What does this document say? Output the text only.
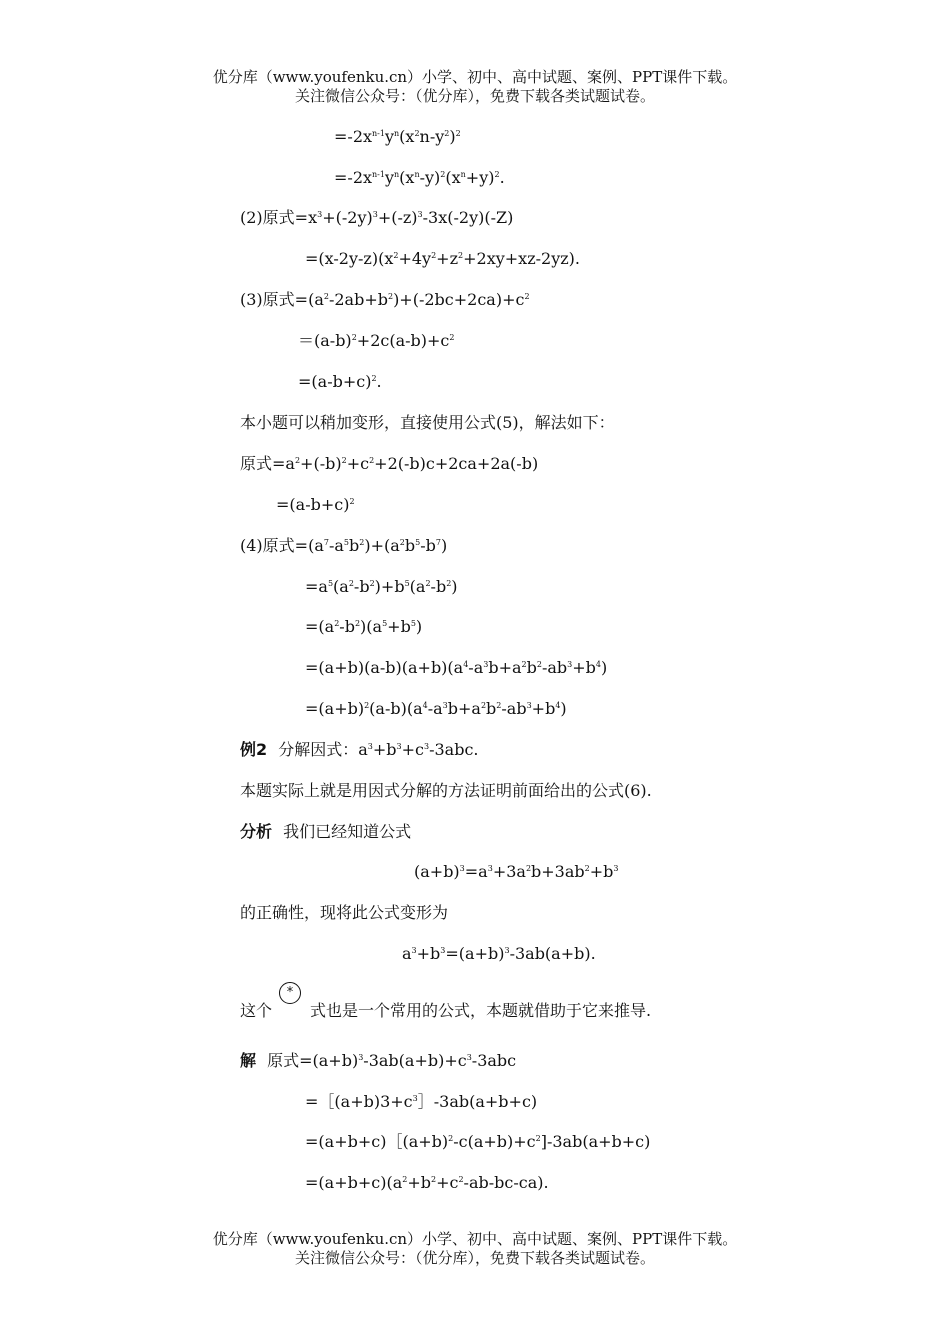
优分库（www.youfenku.cn）小学、初中、高中试题、案例、PPT课件下载。
关注微信公众号：（优分库），免费下载各类试题试卷。
$=-2x^{n-1}y^n(x^2n-y^2)^2$
$=-2x^{n-1}y^n(x^n-y)^2(x^n+y)^2$.
(2)原式$=x^3+(-2y)^3+(-z)^3-3x(-2y)(-Z)$
$=(x-2y-z)(x^2+4y^2+z^2+2xy+xz-2yz)$.
(3)原式$=(a^2-2ab+b^2)+(-2bc+2ca)+c^2$
$=(a-b)^2+2c(a-b)+c^2$
$=(a-b+c)^2$.
本小题可以稍加变形，直接使用公式(5)，解法如下：
原式$=a^2+(-b)^2+c^2+2(-b)c+2ca+2a(-b)$
$=(a-b+c)^2$
(4)原式$=(a^7-a^5b^2)+(a^2b^5-b^7)$
$=a^5(a^2-b^2)+b^5(a^2-b^2)$
$=(a^2-b^2)(a^5+b^5)$
$=(a+b)(a-b)(a+b)(a^4-a^3b+a^2b^2-ab^3+b^4)$
$=(a+b)^2(a-b)(a^4-a^3b+a^2b^2-ab^3+b^4)$
例2 分解因式：$a^3+b^3+c^3-3abc$.
本题实际上就是用因式分解的方法证明前面给出的公式(6).
分析 我们已经知道公式
$(a+b)^3=a^3+3a^2b+3ab^2+b^3$
的正确性，现将此公式变形为
$a^3+b^3=(a+b)^3-3ab(a+b)$.
这个 式也是一个常用的公式，本题就借助于它来推导.
*
解 原式$=(a+b)^3-3ab(a+b)+c^3-3abc$
$=[(a+b)3+c^3]-3ab(a+b+c)$
$=(a+b+c)[(a+b)^2-c(a+b)+c^2]-3ab(a+b+c)$
$=(a+b+c)(a^2+b^2+c^2-ab-bc-ca)$.
优分库（www.youfenku.cn）小学、初中、高中试题、案例、PPT课件下载。
关注微信公众号：（优分库），免费下载各类试题试卷。
